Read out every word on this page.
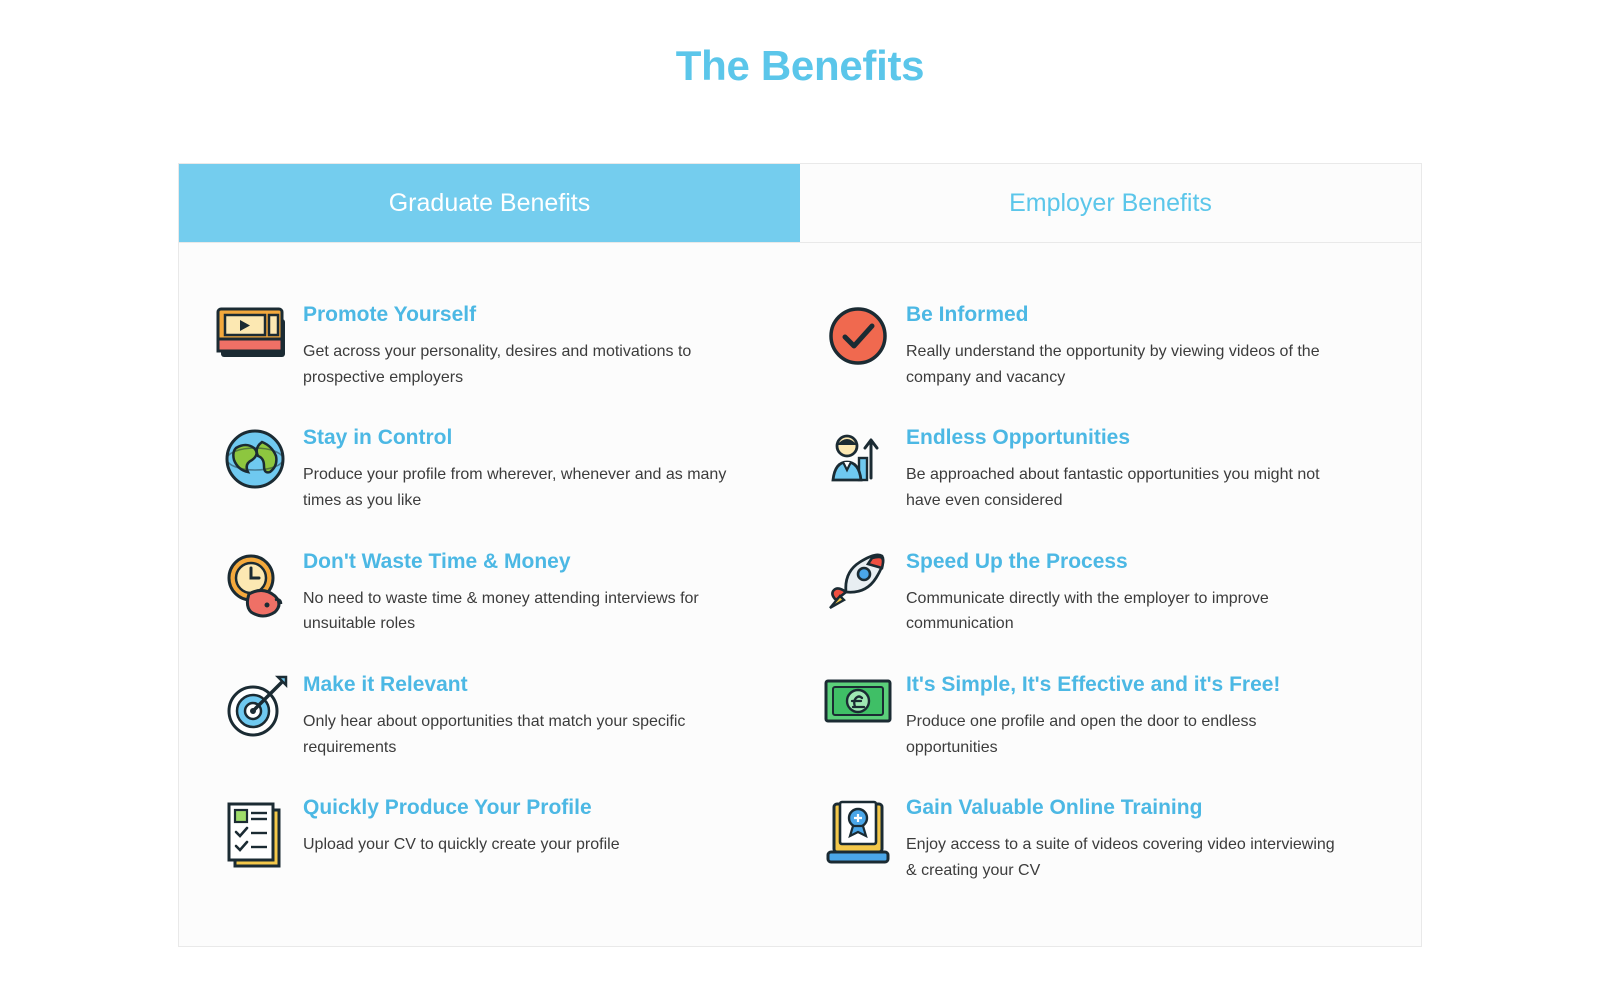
The Benefits
Graduate Benefits	Employer Benefits

Promote Yourself

Get across your personality, desires and motivations to prospective employers

Stay in Control

Produce your profile from wherever, whenever and as many times as you like

Don't Waste Time & Money

No need to waste time & money attending interviews for unsuitable roles

Make it Relevant

Only hear about opportunities that match your specific requirements

Quickly Produce Your Profile

Upload your CV to quickly create your profile

Be Informed

Really understand the opportunity by viewing videos of the company and vacancy

Endless Opportunities

Be approached about fantastic opportunities you might not have even considered

Speed Up the Process

Communicate directly with the employer to improve communication

It's Simple, It's Effective and it's Free!

Produce one profile and open the door to endless opportunities

Gain Valuable Online Training

Enjoy access to a suite of videos covering video interviewing & creating your CV
